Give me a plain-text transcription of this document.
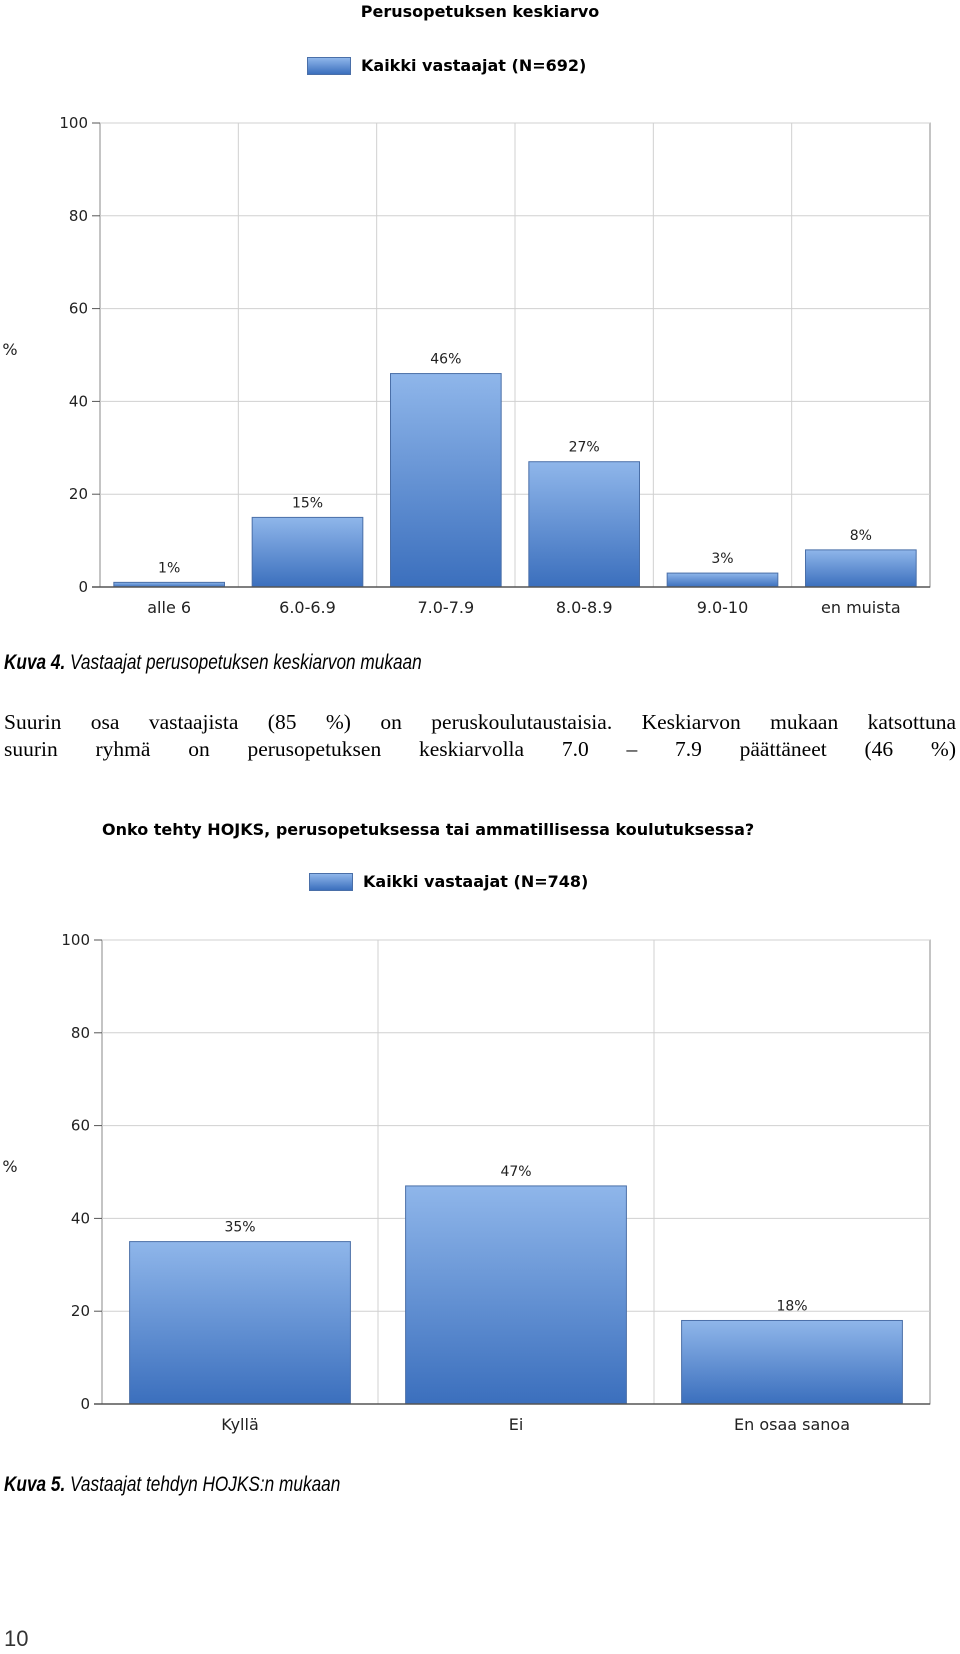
Perusopetuksen keskiarvo
Kaikki vastaajat (N=692)
0
20
40
60
80
100
%
1%
alle 6
15%
6.0-6.9
46%
7.0-7.9
27%
8.0-8.9
3%
9.0-10
8%
en muista
Kuva 4. Vastaajat perusopetuksen keskiarvon mukaan
Suurin osa vastaajista (85 %) on peruskoulutaustaisia. Keskiarvon mukaan katsottuna
suurin ryhmä on perusopetuksen keskiarvolla 7.0 – 7.9 päättäneet (46 %)
Onko tehty HOJKS, perusopetuksessa tai ammatillisessa koulutuksessa?
Kaikki vastaajat (N=748)
0
20
40
60
80
100
%
35%
Kyllä
47%
Ei
18%
En osaa sanoa
Kuva 5. Vastaajat tehdyn HOJKS:n mukaan
10
